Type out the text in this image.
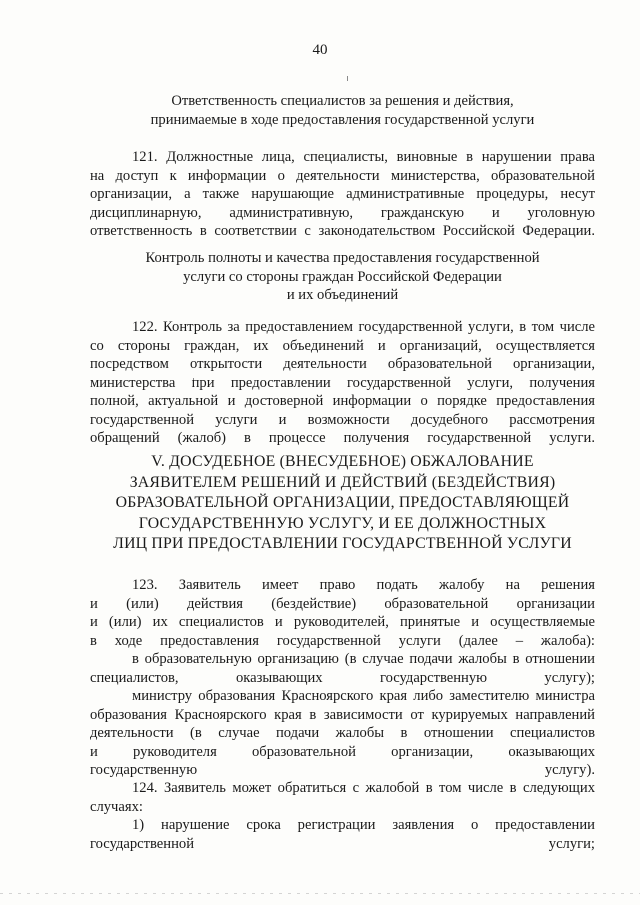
40
Ответственность специалистов за решения и действия,
принимаемые в ходе предоставления государственной услуги
121. Должностные лица, специалисты, виновные в нарушении права
на доступ к информации о деятельности министерства, образовательной
организации, а также нарушающие административные процедуры, несут
дисциплинарную, административную, гражданскую и уголовную
ответственность в соответствии с законодательством Российской Федерации.
Контроль полноты и качества предоставления государственной
услуги со стороны граждан Российской Федерации
и их объединений
122. Контроль за предоставлением государственной услуги, в том числе
со стороны граждан, их объединений и организаций, осуществляется
посредством открытости деятельности образовательной организации,
министерства при предоставлении государственной услуги, получения
полной, актуальной и достоверной информации о порядке предоставления
государственной услуги и возможности досудебного рассмотрения
обращений (жалоб) в процессе получения государственной услуги.
V. ДОСУДЕБНОЕ (ВНЕСУДЕБНОЕ) ОБЖАЛОВАНИЕ
ЗАЯВИТЕЛЕМ РЕШЕНИЙ И ДЕЙСТВИЙ (БЕЗДЕЙСТВИЯ)
ОБРАЗОВАТЕЛЬНОЙ ОРГАНИЗАЦИИ, ПРЕДОСТАВЛЯЮЩЕЙ
ГОСУДАРСТВЕННУЮ УСЛУГУ, И ЕЕ ДОЛЖНОСТНЫХ
ЛИЦ ПРИ ПРЕДОСТАВЛЕНИИ ГОСУДАРСТВЕННОЙ УСЛУГИ
123. Заявитель имеет право подать жалобу на решения
и (или) действия (бездействие) образовательной организации
и (или) их специалистов и руководителей, принятые и осуществляемые
в ходе предоставления государственной услуги (далее – жалоба):
в образовательную организацию (в случае подачи жалобы в отношении
специалистов, оказывающих государственную услугу);
министру образования Красноярского края либо заместителю министра
образования Красноярского края в зависимости от курируемых направлений
деятельности (в случае подачи жалобы в отношении специалистов
и руководителя образовательной организации, оказывающих
государственную услугу).
124. Заявитель может обратиться с жалобой в том числе в следующих
случаях:
1) нарушение срока регистрации заявления о предоставлении
государственной услуги;
